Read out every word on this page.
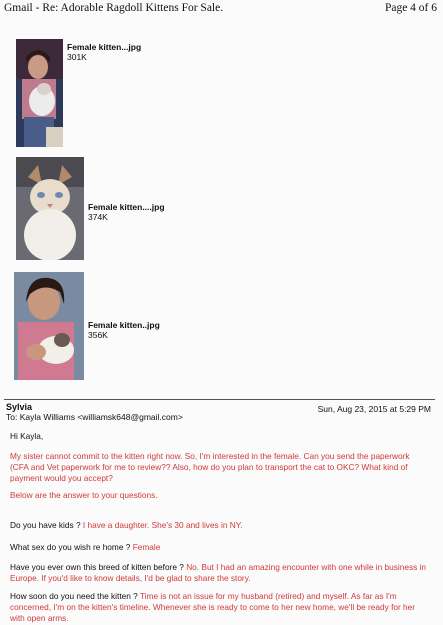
Gmail - Re: Adorable Ragdoll Kittens For Sale.	Page 4 of 6
Female kitten...jpg
301K
Female kitten....jpg
374K
Female kitten..jpg
356K
Sylvia
To: Kayla Williams <williamsk648@gmail.com>
Sun, Aug 23, 2015 at 5:29 PM
Hi Kayla,
My sister cannot commit to the kitten right now. So, I'm interested in the female. Can you send the paperwork (CFA and Vet paperwork for me to review?? Also, how do you plan to transport the cat to OKC? What kind of payment would you accept?
Below are the answer to your questions.
Do you have kids ? I have a daughter. She's 30 and lives in NY.
What sex do you wish re home ? Female
Have you ever own this breed of kitten before ? No. But I had an amazing encounter with one while in business in Europe. If you'd like to know details, I'd be glad to share the story.
How soon do you need the kitten ? Time is not an issue for my husband (retired) and myself. As far as I'm concerned, I'm on the kitten's timeline. Whenever she is ready to come to her new home, we'll be ready for her with open arms.
